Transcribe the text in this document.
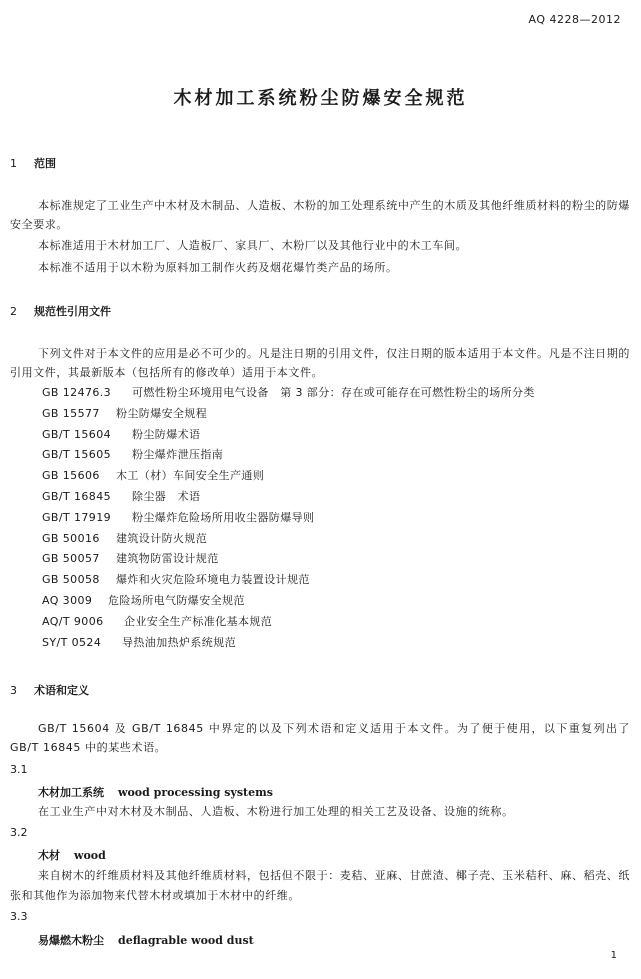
AQ 4228—2012
木材加工系统粉尘防爆安全规范
1 范围
本标准规定了工业生产中木材及木制品、人造板、木粉的加工处理系统中产生的木质及其他纤维质材料的粉尘的防爆安全要求。
本标准适用于木材加工厂、人造板厂、家具厂、木粉厂以及其他行业中的木工车间。
本标准不适用于以木粉为原料加工制作火药及烟花爆竹类产品的场所。
2 规范性引用文件
下列文件对于本文件的应用是必不可少的。凡是注日期的引用文件，仅注日期的版本适用于本文件。凡是不注日期的引用文件，其最新版本（包括所有的修改单）适用于本文件。
GB 12476.3 可燃性粉尘环境用电气设备　第 3 部分：存在或可能存在可燃性粉尘的场所分类
GB 15577 粉尘防爆安全规程
GB/T 15604 粉尘防爆术语
GB/T 15605 粉尘爆炸泄压指南
GB 15606 木工（材）车间安全生产通则
GB/T 16845 除尘器　术语
GB/T 17919 粉尘爆炸危险场所用收尘器防爆导则
GB 50016 建筑设计防火规范
GB 50057 建筑物防雷设计规范
GB 50058 爆炸和火灾危险环境电力装置设计规范
AQ 3009 危险场所电气防爆安全规范
AQ/T 9006 企业安全生产标准化基本规范
SY/T 0524 导热油加热炉系统规范
3 术语和定义
GB/T 15604 及 GB/T 16845 中界定的以及下列术语和定义适用于本文件。为了便于使用，以下重复列出了 GB/T 16845 中的某些术语。
3.1
木材加工系统 wood processing systems
在工业生产中对木材及木制品、人造板、木粉进行加工处理的相关工艺及设备、设施的统称。
3.2
木材 wood
来自树木的纤维质材料及其他纤维质材料，包括但不限于：麦秸、亚麻、甘蔗渣、椰子壳、玉米秸秆、麻、稻壳、纸张和其他作为添加物来代替木材或填加于木材中的纤维。
3.3
易爆燃木粉尘 deflagrable wood dust
1
